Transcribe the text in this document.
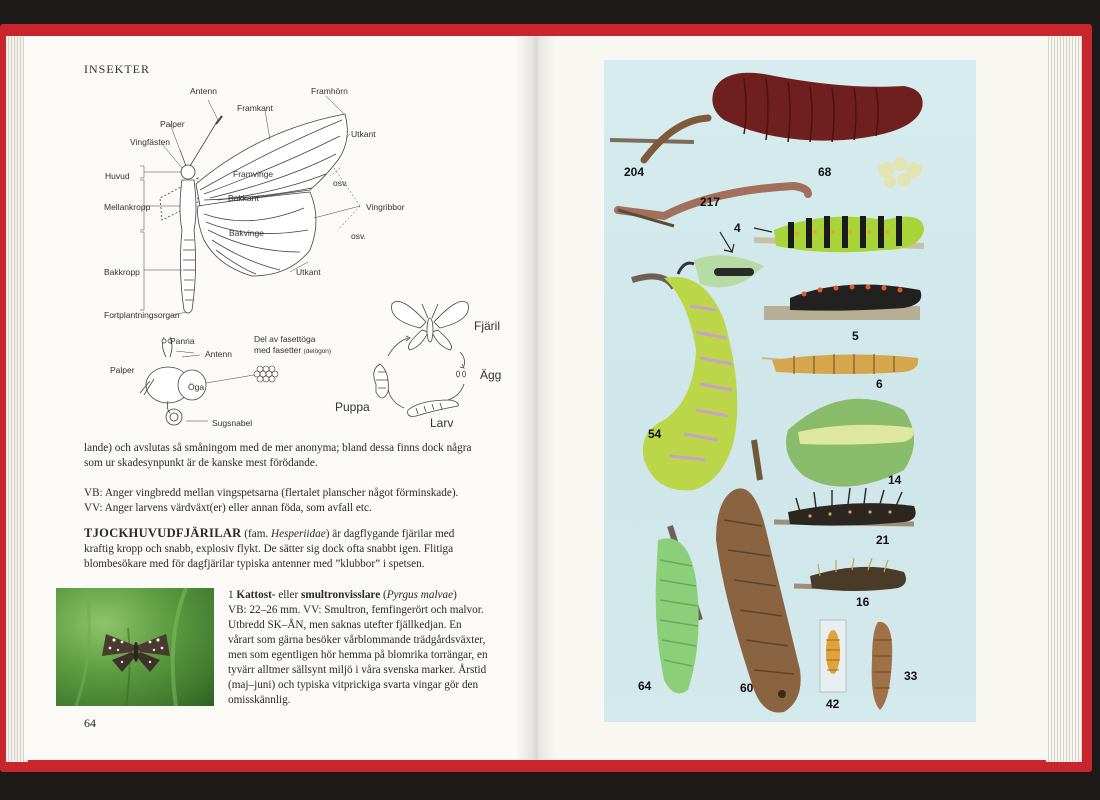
INSEKTER
Antenn
Framkant
Framhörn
Palper
Vingfästen
Utkant
Huvud	Framvinge
osv.
Mellankropp
Bakkant
Vingribbor
Bakvinge	osv.
Bakkropp	Utkant
Fortplantningsorgan
Panna
Antenn
Palper
Öga
Sugsnabel
Del av fasettöga
med fasetter (delögon)
Fjäril
Ägg
Puppa
Larv
lande) och avslutas så småningom med de mer anonyma; bland dessa finns dock några som ur skadesynpunkt är de kanske mest förödande.
VB: Anger vingbredd mellan vingspetsarna (flertalet planscher något förminskade).
VV: Anger larvens värdväxt(er) eller annan föda, som avfall etc.
TJOCKHUVUDFJÄRILAR (fam. Hesperiidae) är dagflygande fjärilar med kraftig kropp och snabb, explosiv flykt. De sätter sig dock ofta snabbt igen. Flitiga blombesökare med för dagfjärilar typiska antenner med ”klubbor” i spetsen.
1 Kattost- eller smultronvisslare (Pyrgus malvae)
VB: 22–26 mm. VV: Smultron, femfingerört och malvor. Utbredd SK–ÅN, men saknas utefter fjällkedjan. En vårart som gärna besöker vårblommande trädgårdsväxter, men som egentligen hör hemma på blomrika torrängar, en tyvärr alltmer sällsynt miljö i våra svenska marker. Årstid (maj–juni) och typiska vitprickiga svarta vingar gör den omisskännlig.
64
204	68
217
4
5
6
54
14
21
16
64	60
42
33
